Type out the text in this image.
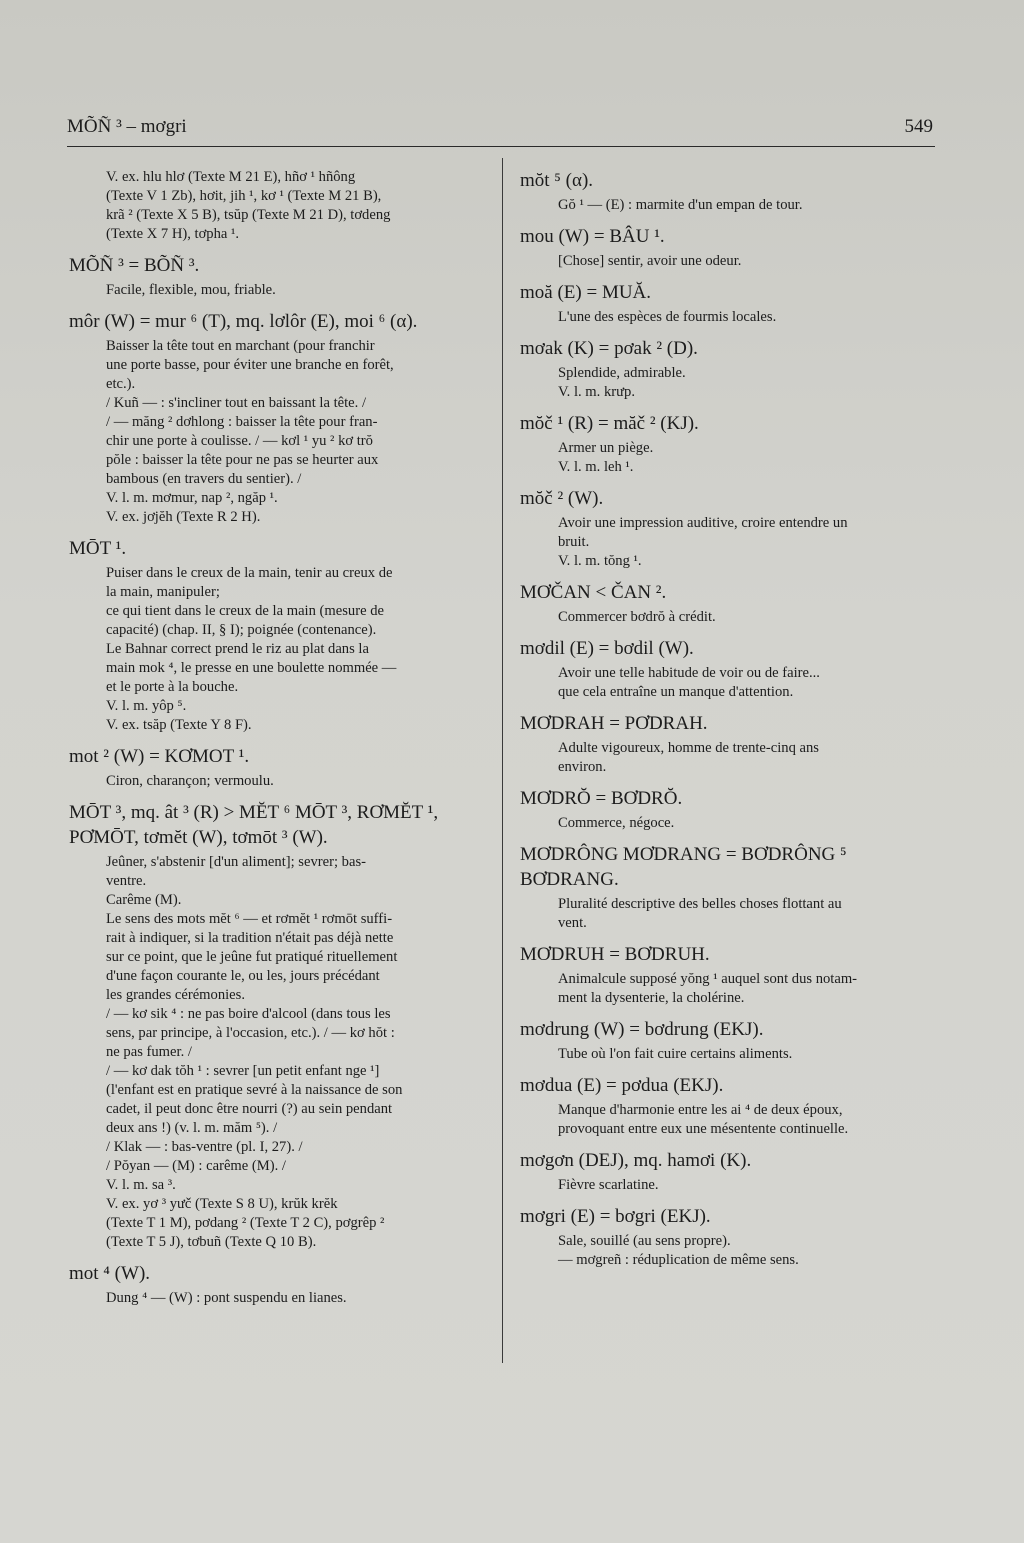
MÕÑ ³ – mơgri	549

V. ex. hlu hlơ (Texte M 21 E), hñơ ¹ hñông

(Texte V 1 Zb), hơit, jih ¹, kơ ¹ (Texte M 21 B),

krã ² (Texte X 5 B), tsŭp (Texte M 21 D), tơdeng

(Texte X 7 H), tơpha ¹.

MÕÑ ³ = BÕÑ ³.

Facile, flexible, mou, friable.

môr (W) = mur ⁶ (T), mq. lơlôr (E), moi ⁶ (α).

Baisser la tête tout en marchant (pour franchir

une porte basse, pour éviter une branche en forêt,

etc.).

/ Kuñ — : s'incliner tout en baissant la tête. /

/ — măng ² dơhlong : baisser la tête pour fran-

chir une porte à coulisse. / — kơl ¹ yu ² kơ trŏ

pŏle : baisser la tête pour ne pas se heurter aux

bambous (en travers du sentier). /

V. l. m. mơmur, nap ², ngăp ¹.

V. ex. jơjĕh (Texte R 2 H).

MŌT ¹.

Puiser dans le creux de la main, tenir au creux de

la main, manipuler;

ce qui tient dans le creux de la main (mesure de

capacité) (chap. II, § I); poignée (contenance).

Le Bahnar correct prend le riz au plat dans la

main mok ⁴, le presse en une boulette nommée —

et le porte à la bouche.

V. l. m. yôp ⁵.

V. ex. tsăp (Texte Y 8 F).

mot ² (W) = KƠMOT ¹.

Ciron, charançon; vermoulu.

MŌT ³, mq. ât ³ (R) > MĔT ⁶ MŌT ³, RƠMĔT ¹, PƠMŌT, tơmĕt (W), tơmōt ³ (W).

Jeûner, s'abstenir [d'un aliment]; sevrer; bas-

ventre.

Carême (M).

Le sens des mots mĕt ⁶ — et rơmĕt ¹ rơmōt suffi-

rait à indiquer, si la tradition n'était pas déjà nette

sur ce point, que le jeûne fut pratiqué rituellement

d'une façon courante le, ou les, jours précédant

les grandes cérémonies.

/ — kơ sik ⁴ : ne pas boire d'alcool (dans tous les

sens, par principe, à l'occasion, etc.). / — kơ hŏt :

ne pas fumer. /

/ — kơ dak tŏh ¹ : sevrer [un petit enfant nge ¹]

(l'enfant est en pratique sevré à la naissance de son

cadet, il peut donc être nourri (?) au sein pendant

deux ans !) (v. l. m. măm ⁵). /

/ Klak — : bas-ventre (pl. I, 27). /

/ Pŏyan — (M) : carême (M). /

V. l. m. sa ³.

V. ex. yơ ³ yưč (Texte S 8 U), krŭk krĕk

(Texte T 1 M), pơdang ² (Texte T 2 C), pơgrêp ²

(Texte T 5 J), tơbuñ (Texte Q 10 B).

mot ⁴ (W).

Dung ⁴ — (W) : pont suspendu en lianes.

mŏt ⁵ (α).

Gŏ ¹ — (E) : marmite d'un empan de tour.

mou (W) = BÂU ¹.

[Chose] sentir, avoir une odeur.

moă (E) = MUĂ.

L'une des espèces de fourmis locales.

mơak (K) = pơak ² (D).

Splendide, admirable.

V. l. m. krưp.

mŏč ¹ (R) = măč ² (KJ).

Armer un piège.

V. l. m. leh ¹.

mŏč ² (W).

Avoir une impression auditive, croire entendre un

bruit.

V. l. m. tŏng ¹.

MƠČAN < ČAN ².

Commercer bơdrŏ à crédit.

mơdil (E) = bơdil (W).

Avoir une telle habitude de voir ou de faire...

que cela entraîne un manque d'attention.

MƠDRAH = PƠDRAH.

Adulte vigoureux, homme de trente-cinq ans

environ.

MƠDRŎ = BƠDRŎ.

Commerce, négoce.

MƠDRÔNG MƠDRANG = BƠDRÔNG ⁵ BƠDRANG.

Pluralité descriptive des belles choses flottant au

vent.

MƠDRUH = BƠDRUH.

Animalcule supposé yŏng ¹ auquel sont dus notam-

ment la dysenterie, la cholérine.

mơdrung (W) = bơdrung (EKJ).

Tube où l'on fait cuire certains aliments.

mơdua (E) = pơdua (EKJ).

Manque d'harmonie entre les ai ⁴ de deux époux,

provoquant entre eux une mésentente continuelle.

mơgơn (DEJ), mq. hamơi (K).

Fièvre scarlatine.

mơgri (E) = bơgri (EKJ).

Sale, souillé (au sens propre).

— mơgreñ : réduplication de même sens.
